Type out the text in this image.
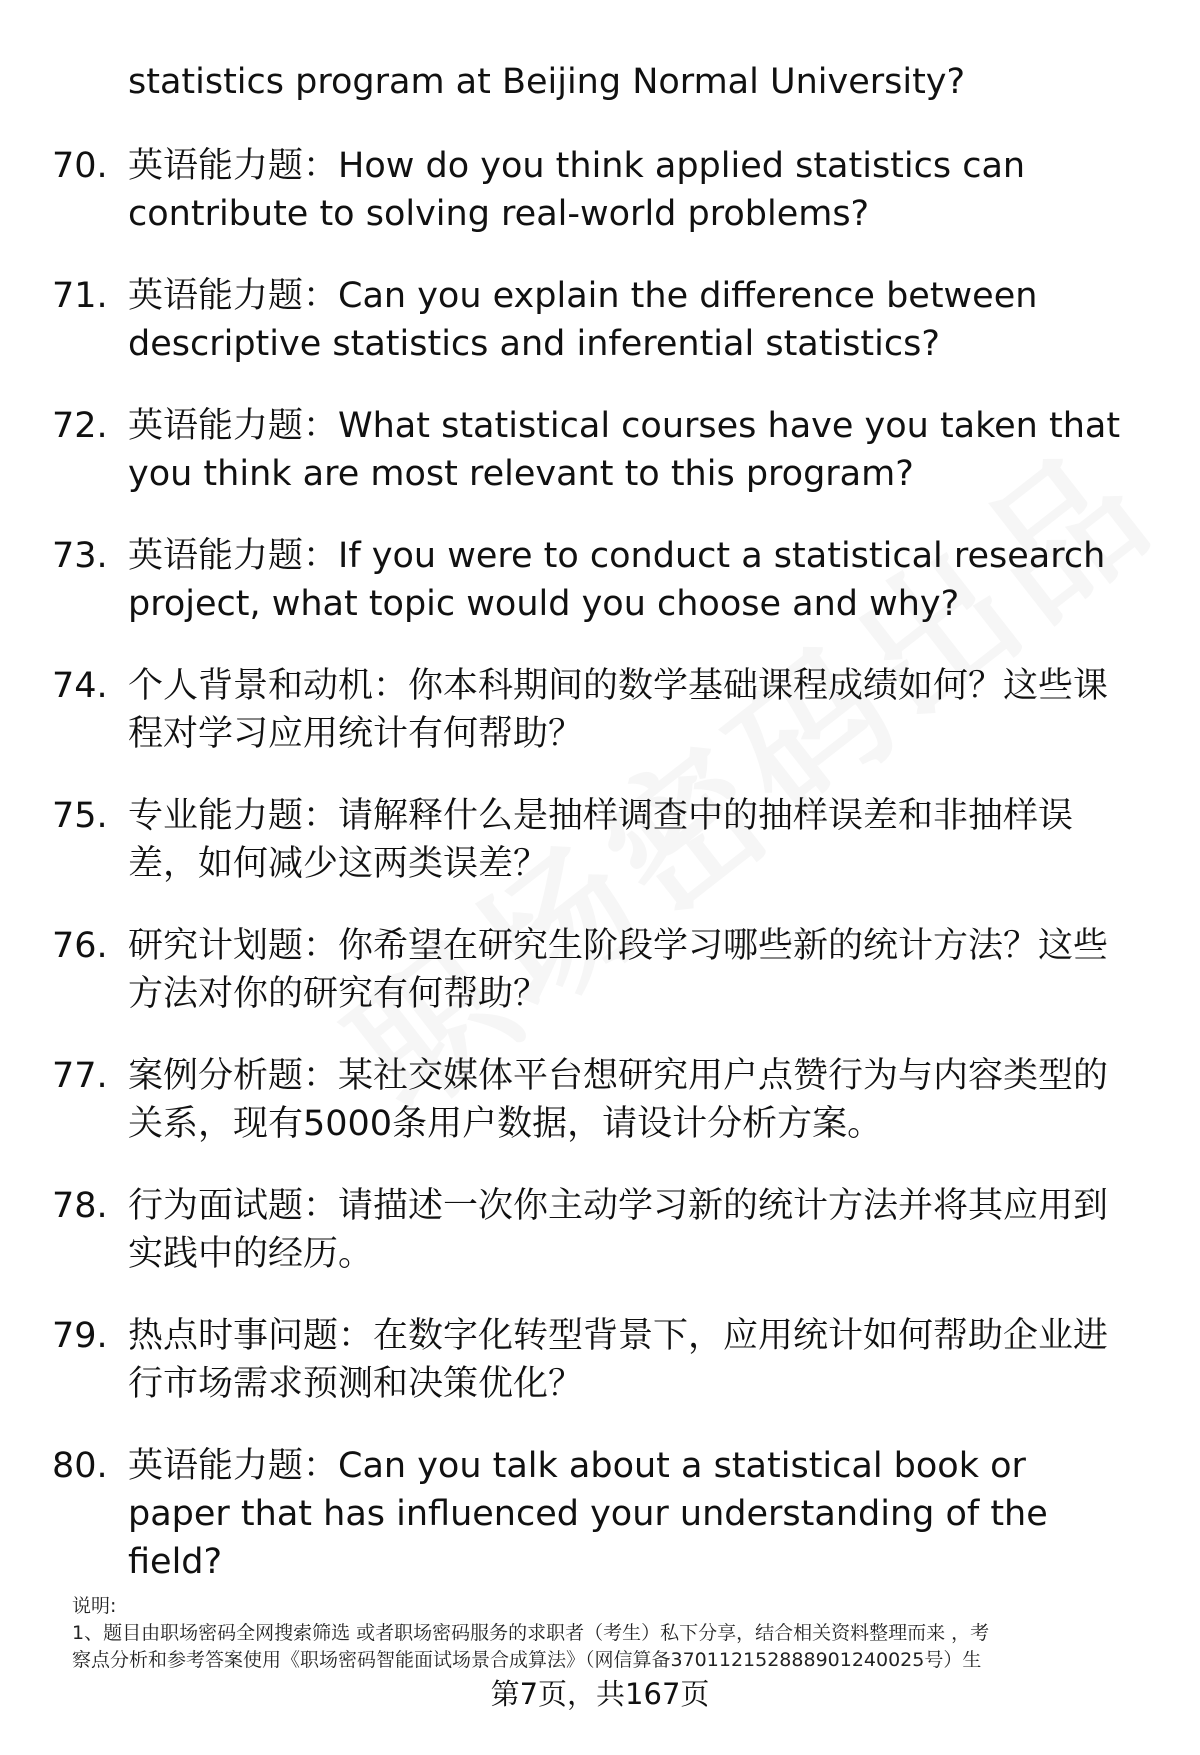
statistics program at Beijing Normal University?
70. 英语能力题：How do you think applied statistics can contribute to solving real-world problems?
71. 英语能力题：Can you explain the difference between descriptive statistics and inferential statistics?
72. 英语能力题：What statistical courses have you taken that you think are most relevant to this program?
73. 英语能力题：If you were to conduct a statistical research project, what topic would you choose and why?
74. 个人背景和动机：你本科期间的数学基础课程成绩如何？这些课程对学习应用统计有何帮助？
75. 专业能力题：请解释什么是抽样调查中的抽样误差和非抽样误差，如何减少这两类误差？
76. 研究计划题：你希望在研究生阶段学习哪些新的统计方法？这些方法对你的研究有何帮助？
77. 案例分析题：某社交媒体平台想研究用户点赞行为与内容类型的关系，现有5000条用户数据，请设计分析方案。
78. 行为面试题：请描述一次你主动学习新的统计方法并将其应用到实践中的经历。
79. 热点时事问题：在数字化转型背景下，应用统计如何帮助企业进行市场需求预测和决策优化？
80. 英语能力题：Can you talk about a statistical book or paper that has influenced your understanding of the field?

说明:

1、题目由职场密码全网搜索筛选 或者职场密码服务的求职者（考生）私下分享，结合相关资料整理而来 ，考

察点分析和参考答案使用《职场密码智能面试场景合成算法》（网信算备370112152888901240025号）生

第7页，共167页
